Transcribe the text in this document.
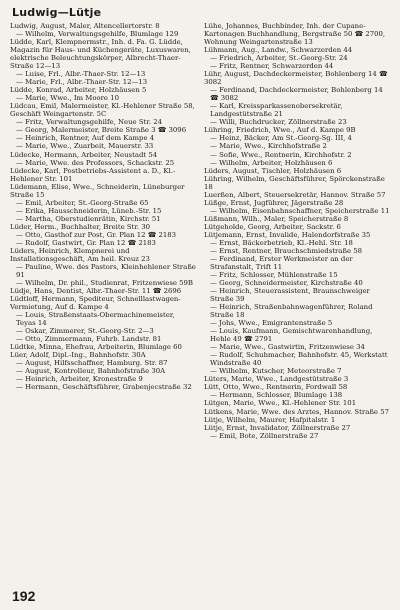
Ludwig—Lütje

Ludwig, August, Maler, Altencellertorstr. 8

— Wilhelm, Verwaltungsgehilfe, Blumlage 129

Lüdde, Karl, Klempnermstr., Inh. d. Fa. G. Lüdde, Magazin für Haus- und Küchengeräte, Luxuswaren, elektrische Beleuchtungskörper, Albrecht-Thaer-Straße 12—13

— Luise, Frl., Albr.-Thaer-Str. 12—13

— Marie, Frl., Albr.-Thaer-Str. 12—13

Lüdde, Konrad, Arbeiter, Holzhäusen 5

— Marie, Wwe., Im Moore 10

Lüdcau, Emil, Malermeister, Kl.-Hehlener Straße 58, Geschäft Weingartenstr. 5C

— Fritz, Verwaltungsgehilfe, Neue Str. 24

— Georg, Malermeister, Breite Straße 3 ☎ 3096

— Heinrich, Rentner, Auf dem Kampe 4

— Marie, Wwe., Zuarbeit, Mauerstr. 33

Lüdecke, Hermann, Arbeiter, Neustadt 54

— Marie, Wwe. des Professors, Schackstr. 25

Lüdecke, Karl, Postbetriebs-Assistent a. D., Kl.-Hehlener Str. 101

Lüdemann, Elise, Wwe., Schneiderin, Lüneburger Straße 15

— Emil, Arbeiter, St.-Georg-Straße 65

— Erika, Hausschneiderin, Lüneb.-Str. 15

— Martha, Oberstudienrätin, Kirchstr. 51

Lüder, Herm., Buchhalter, Breite Str. 30

— Otto, Gasthof zur Post, Gr. Plan 12 ☎ 2183

— Rudolf, Gastwirt, Gr. Plan 12 ☎ 2183

Lüders, Heinrich, Klempnerei und Installationsgeschäft, Am heil. Kreuz 23

— Pauline, Wwe. des Pastors, Kleinhehlener Straße 91

— Wilhelm, Dr. phil., Studienrat, Fritzenwiese 59B

Lüdje, Hans, Dentist, Albr.-Thaer-Str. 11 ☎ 2696

Lüdtloff, Hermann, Spediteur, Schnelllastwagen-Vermietung, Auf d. Kampe 4

— Louis, Straßenstaats-Obermachinemeister, Teyas 14

— Oskar, Zimmerer, St.-Georg-Str. 2—3

— Otto, Zimmermann, Fuhrb. Landstr. 81

Lüdtke, Minna, Ehefrau, Arbeiterin, Blumlage 60

Lüer, Adolf, Dipl.-Ing., Bahnhofstr. 30A

— August, Hilfsschaffner, Hamburg. Str. 87

— August, Kontrolleur, Bahnhofstraße 30A

— Heinrich, Arbeiter, Kronestraße 9

— Hermann, Geschäftsführer, Grabenjecstraße 32

Lühe, Johannes, Buchbinder, Inh. der Cupane-Kartonagen Buchhandlung, Bergstraße 50 ☎ 2700, Wohnung Weingartenstraße 13

Lühmann, Aug., Landw., Schwarzerden 44

— Friedrich, Arbeiter, St.-Georg-Str. 24

— Fritz, Rentner, Schwarzerden 44

Lühr, August, Dachdeckermeister, Bohlenberg 14 ☎ 3082

— Ferdinand, Dachdeckermeister, Bohlenberg 14 ☎ 3082

— Karl, Kreissparkassenobersekretär, Landgestütstraße 21

— Willi, Buchdrucker, Zöllnerstraße 23

Lühring, Friedrich, Wwe., Auf d. Kampe 9B

— Heinz, Bäcker, Am St.-Georg-Sg. III, 4

— Marie, Wwe., Kirchhofstraße 2

— Sofie, Wwe., Rentnerin, Kirchhofstr. 2

— Wilhelm, Arbeiter, Holzhäusen 6

Lüders, August, Tischler, Holzhäusen 6

Lühring, Wilhelm, Geschäftsführer, Spörckenstraße 18

Luerßen, Albert, Steuersekretär, Hannov. Straße 57

Lüßge, Ernst, Jugführer, Jägerstraße 28

— Wilhelm, Eisenbahnschaffner, Speicherstraße 11

Lüßmann, Wilh., Maler, Speicherstraße 8

Lütgeholde, Georg, Arbeiter, Sackstr. 6

Lütjemann, Ernst, Invalide, Halendorfstraße 35

— Ernst, Bäckerbetrieb, Kl.-Hehl. Str. 18

— Ernst, Rentner, Brauchschmiedstraße 58

— Ferdinand, Erster Werkmeister an der Strafanstalt, Trift 11

— Fritz, Schlosser, Mühlenstraße 15

— Georg, Schneidermeister, Kirchstraße 40

— Heinrich, Steuerassistent, Braunschweiger Straße 39

— Heinrich, Straßenbahnwagenführer, Roland Straße 18

— Johs, Wwe., Emigrantenstraße 5

— Louis, Kaufmann, Gemischtwarenhandlung, Hehle 49 ☎ 2791

— Marie, Wwe., Gastwirtin, Fritzenwiese 34

— Rudolf, Schuhmacher, Bahnhofstr. 45, Werkstatt Windstraße 40

— Wilhelm, Kutscher, Meteorstraße 7

Lüters, Marie, Wwe., Landgestütstraße 3

Lütt, Otto, Wwe., Rentnerin, Fordwall 58

— Hermann, Schlosser, Blumlage 138

Lütgen, Marie, Wwe., Kl.-Hehlener Str. 101

Lütkens, Marie, Wwe. des Arztes, Hannov. Straße 57

Lütje, Wilhelm, Maurer, Hafpitalstr. 1

Lütje, Ernst, Invalidator, Zöllnerstraße 27

— Emil, Bote, Zöllnerstraße 27

192
